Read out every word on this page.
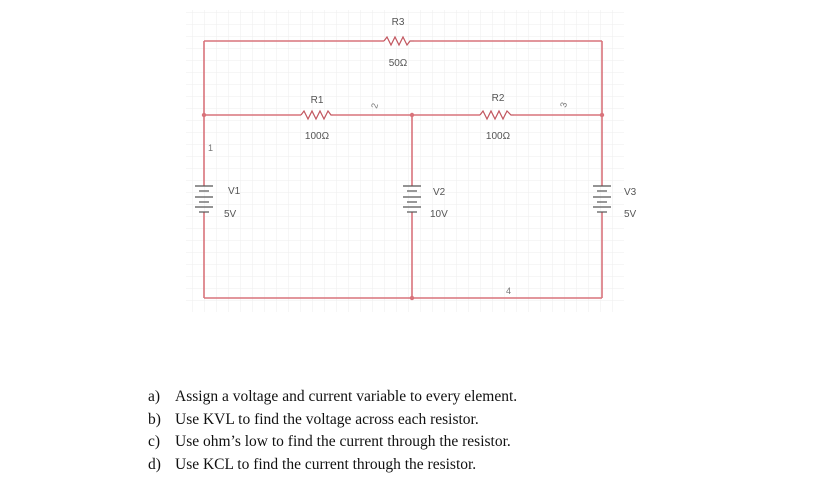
R3
50Ω
R1
100Ω
R2
100Ω
V1
5V
V2
10V
V3
5V
1
2	3
4
a) Assign a voltage and current variable to every element.
b) Use KVL to find the voltage across each resistor.
c) Use ohm’s low to find the current through the resistor.
d) Use KCL to find the current through the resistor.
